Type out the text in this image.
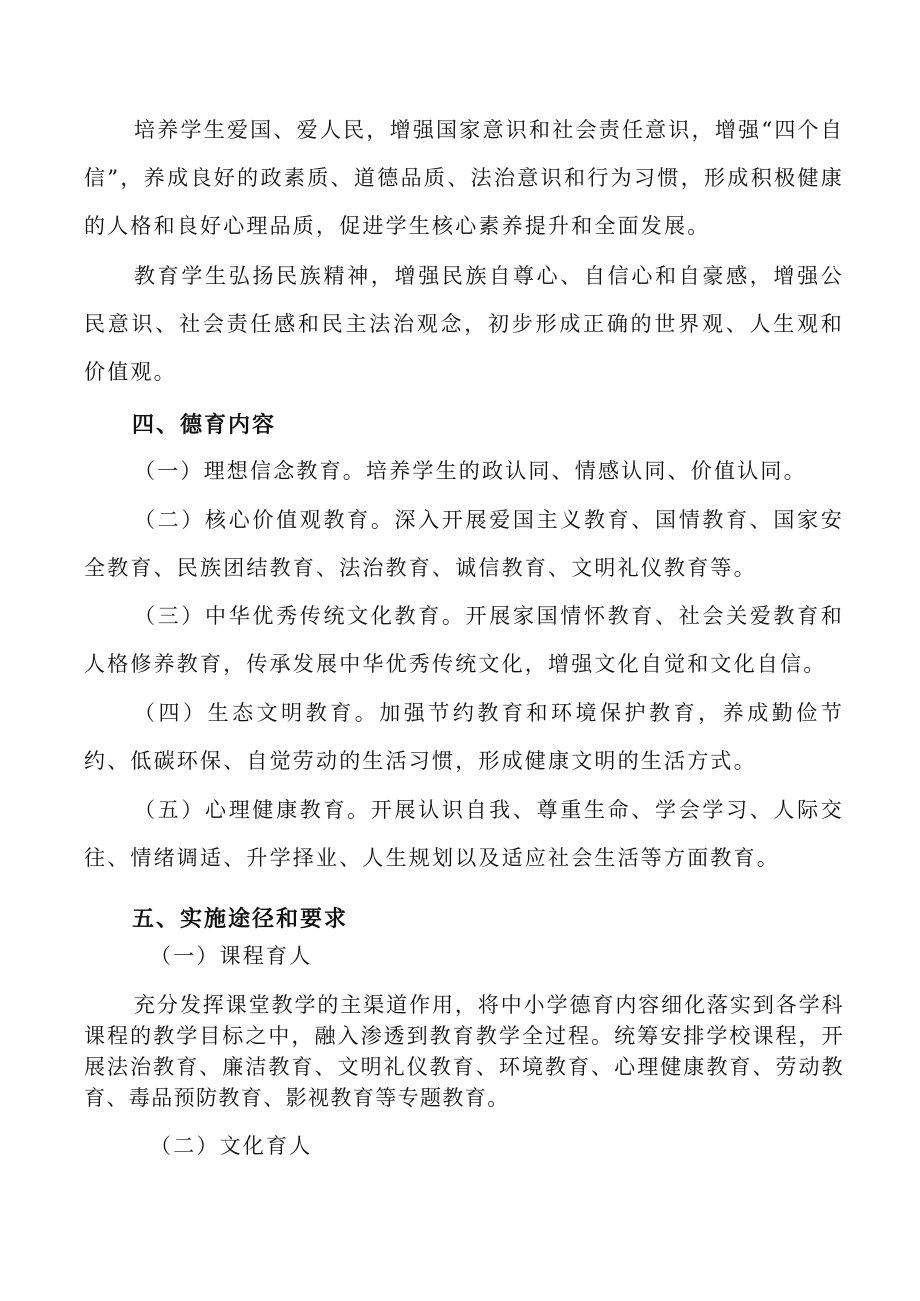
培养学生爱国、爱人民，增强国家意识和社会责任意识，增强“四个自信”，养成良好的政素质、道德品质、法治意识和行为习惯，形成积极健康的人格和良好心理品质，促进学生核心素养提升和全面发展。

教育学生弘扬民族精神，增强民族自尊心、自信心和自豪感，增强公民意识、社会责任感和民主法治观念，初步形成正确的世界观、人生观和价值观。

四、德育内容

（一）理想信念教育。培养学生的政认同、情感认同、价值认同。

（二）核心价值观教育。深入开展爱国主义教育、国情教育、国家安全教育、民族团结教育、法治教育、诚信教育、文明礼仪教育等。

（三）中华优秀传统文化教育。开展家国情怀教育、社会关爱教育和人格修养教育，传承发展中华优秀传统文化，增强文化自觉和文化自信。

（四）生态文明教育。加强节约教育和环境保护教育，养成勤俭节约、低碳环保、自觉劳动的生活习惯，形成健康文明的生活方式。

（五）心理健康教育。开展认识自我、尊重生命、学会学习、人际交往、情绪调适、升学择业、人生规划以及适应社会生活等方面教育。

五、实施途径和要求

（一）课程育人

充分发挥课堂教学的主渠道作用，将中小学德育内容细化落实到各学科课程的教学目标之中，融入渗透到教育教学全过程。统筹安排学校课程，开展法治教育、廉洁教育、文明礼仪教育、环境教育、心理健康教育、劳动教育、毒品预防教育、影视教育等专题教育。

（二）文化育人
